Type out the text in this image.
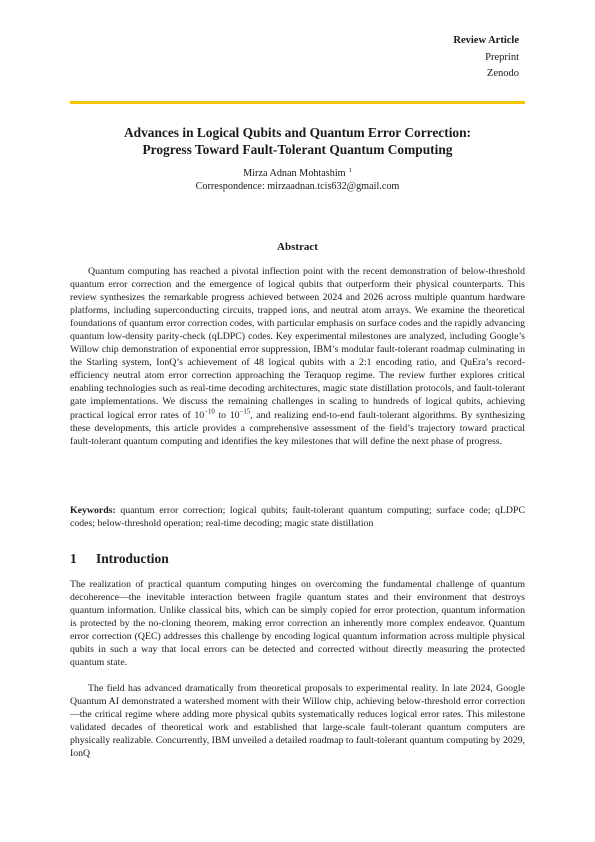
Review Article
Preprint
Zenodo
Advances in Logical Qubits and Quantum Error Correction:
Progress Toward Fault-Tolerant Quantum Computing
Mirza Adnan Mohtashim $^1$
Correspondence: mirzaadnan.tcis632@gmail.com
Abstract

Quantum computing has reached a pivotal inflection point with the recent demonstration of below-threshold quantum error correction and the emergence of logical qubits that outperform their physical counterparts. This review synthesizes the remarkable progress achieved between 2024 and 2026 across multiple quantum hardware platforms, including superconducting circuits, trapped ions, and neutral atom arrays. We examine the theoretical foundations of quantum error correction codes, with particular emphasis on surface codes and the rapidly advancing quantum low-density parity-check (qLDPC) codes. Key experimental milestones are analyzed, including Google’s Willow chip demonstration of exponential error suppression, IBM’s modular fault-tolerant roadmap culminating in the Starling system, IonQ’s achievement of 48 logical qubits with a 2:1 encoding ratio, and QuEra’s record-efficiency neutral atom error correction approaching the Teraquop regime. The review further explores critical enabling technologies such as real-time decoding architectures, magic state distillation protocols, and fault-tolerant gate implementations. We discuss the remaining challenges in scaling to hundreds of logical qubits, achieving practical logical error rates of $10^{-10}$ to $10^{-15}$, and realizing end-to-end fault-tolerant algorithms. By synthesizing these developments, this article provides a comprehensive assessment of the field’s trajectory toward practical fault-tolerant quantum computing and identifies the key milestones that will define the next phase of progress.

Keywords: quantum error correction; logical qubits; fault-tolerant quantum computing; surface code; qLDPC codes; below-threshold operation; real-time decoding; magic state distillation

1 Introduction

The realization of practical quantum computing hinges on overcoming the fundamental challenge of quantum decoherence—the inevitable interaction between fragile quantum states and their environment that destroys quantum information. Unlike classical bits, which can be simply copied for error protection, quantum information is protected by the no-cloning theorem, making error correction an inherently more complex endeavor. Quantum error correction (QEC) addresses this challenge by encoding logical quantum information across multiple physical qubits in such a way that local errors can be detected and corrected without directly measuring the protected quantum state.

The field has advanced dramatically from theoretical proposals to experimental reality. In late 2024, Google Quantum AI demonstrated a watershed moment with their Willow chip, achieving below-threshold error correction—the critical regime where adding more physical qubits systematically reduces logical error rates. This milestone validated decades of theoretical work and established that large-scale fault-tolerant quantum computers are physically realizable. Concurrently, IBM unveiled a detailed roadmap to fault-tolerant quantum computing by 2029, IonQ
